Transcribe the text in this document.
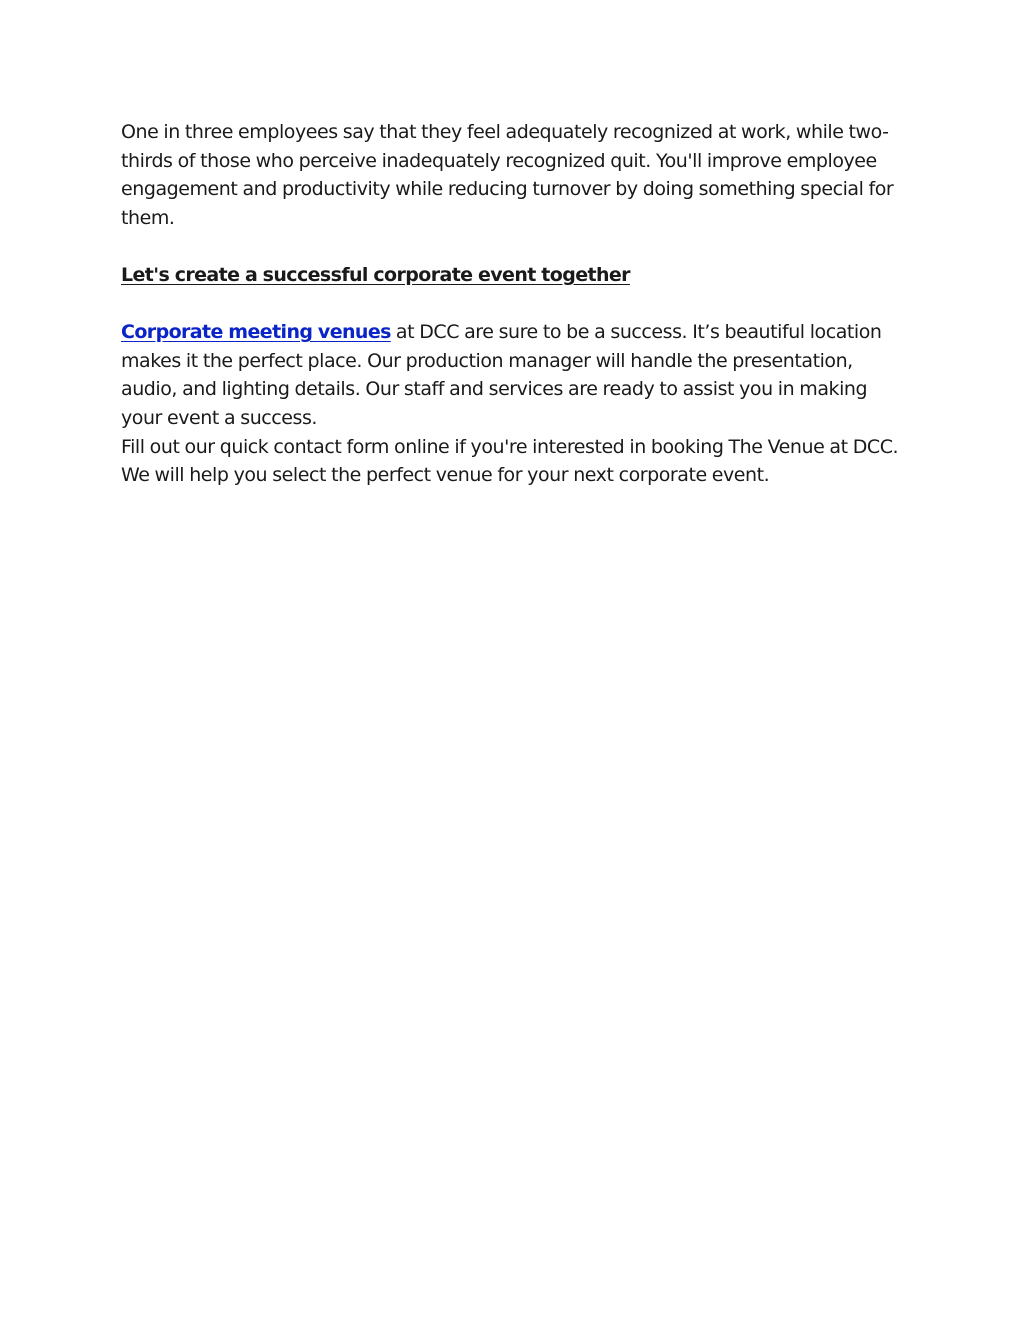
One in three employees say that they feel adequately recognized at work, while two-thirds of those who perceive inadequately recognized quit. You'll improve employee engagement and productivity while reducing turnover by doing something special for them.

Let's create a successful corporate event together

Corporate meeting venues at DCC are sure to be a success. It’s beautiful location makes it the perfect place. Our production manager will handle the presentation, audio, and lighting details. Our staff and services are ready to assist you in making your event a success.

Fill out our quick contact form online if you're interested in booking The Venue at DCC. We will help you select the perfect venue for your next corporate event.
